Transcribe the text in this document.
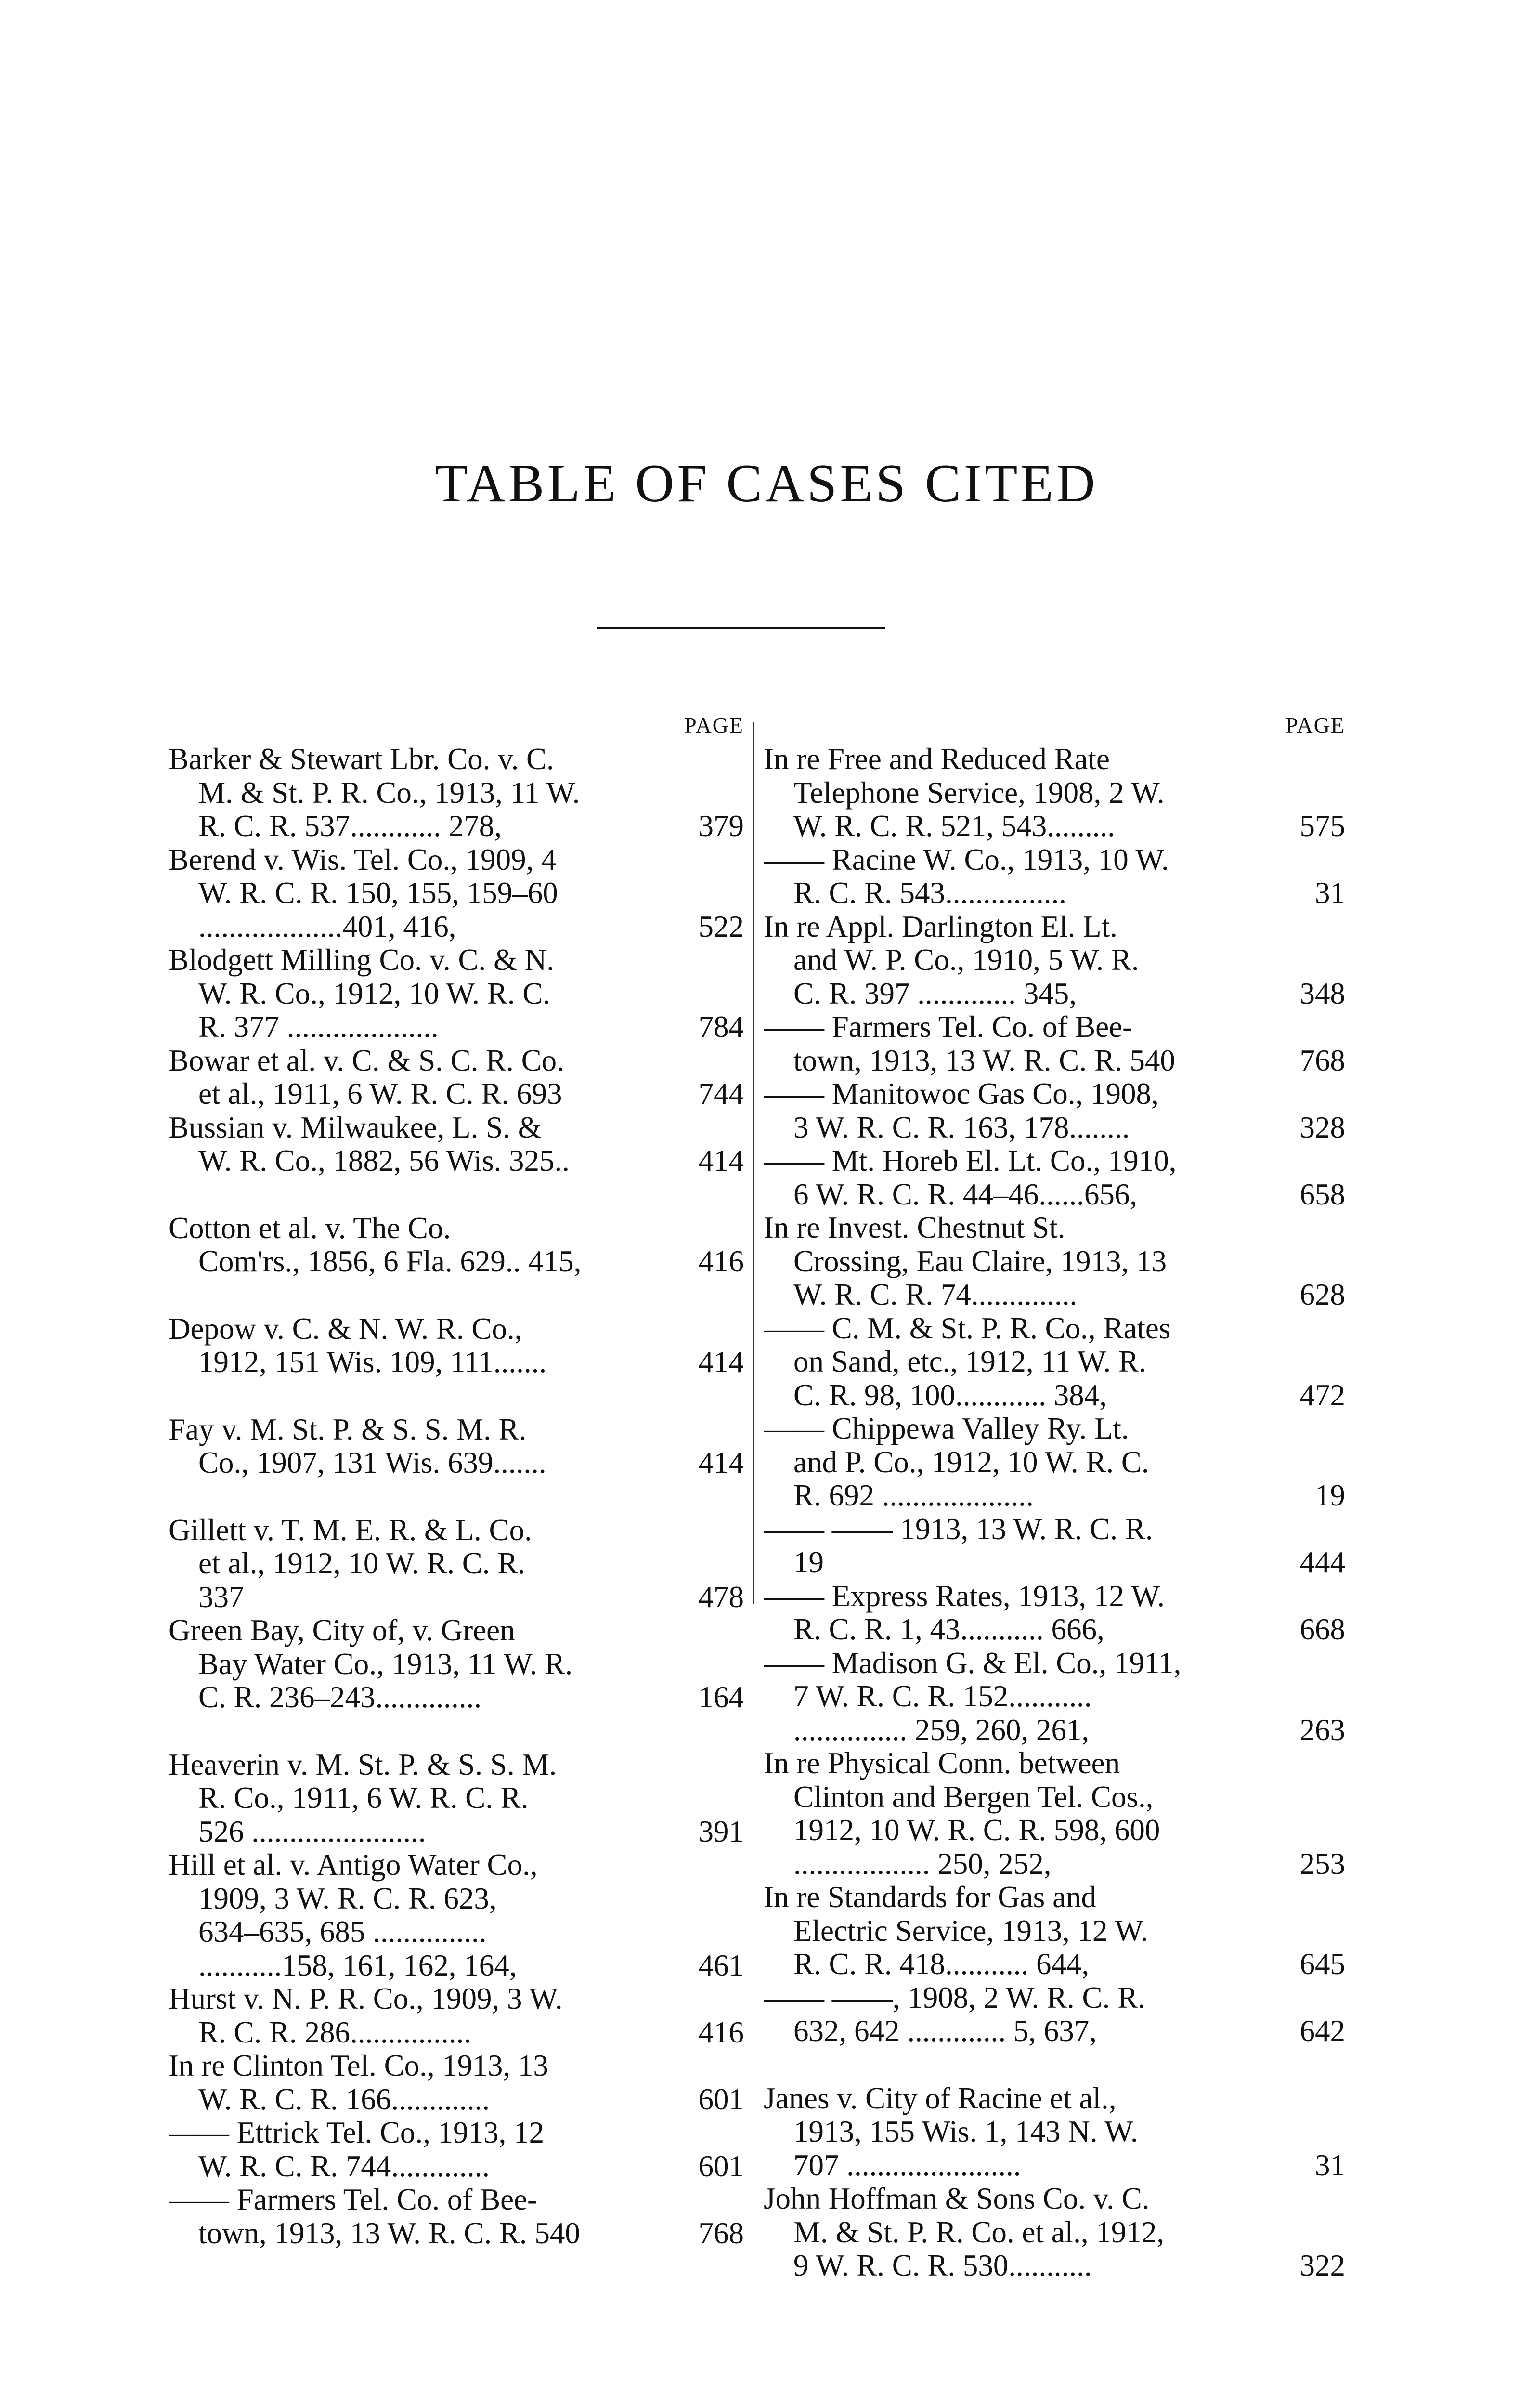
TABLE OF CASES CITED
PAGE
Barker & Stewart Lbr. Co. v. C.
M. & St. P. R. Co., 1913, 11 W.
R. C. R. 537............ 278,	379
Berend v. Wis. Tel. Co., 1909, 4
W. R. C. R. 150, 155, 159–60
...................401, 416,	522
Blodgett Milling Co. v. C. & N.
W. R. Co., 1912, 10 W. R. C.
R. 377 ....................	784
Bowar et al. v. C. & S. C. R. Co.
et al., 1911, 6 W. R. C. R. 693	744
Bussian v. Milwaukee, L. S. &
W. R. Co., 1882, 56 Wis. 325..	414
Cotton et al. v. The Co.
Com'rs., 1856, 6 Fla. 629.. 415,	416
Depow v. C. & N. W. R. Co.,
1912, 151 Wis. 109, 111.......	414
Fay v. M. St. P. & S. S. M. R.
Co., 1907, 131 Wis. 639.......	414
Gillett v. T. M. E. R. & L. Co.
et al., 1912, 10 W. R. C. R.
337	478
Green Bay, City of, v. Green
Bay Water Co., 1913, 11 W. R.
C. R. 236–243..............	164
Heaverin v. M. St. P. & S. S. M.
R. Co., 1911, 6 W. R. C. R.
526 .......................	391
Hill et al. v. Antigo Water Co.,
1909, 3 W. R. C. R. 623,
634–635, 685 ...............
...........158, 161, 162, 164,	461
Hurst v. N. P. R. Co., 1909, 3 W.
R. C. R. 286................	416
In re Clinton Tel. Co., 1913, 13
W. R. C. R. 166.............	601
—— Ettrick Tel. Co., 1913, 12
W. R. C. R. 744.............	601
—— Farmers Tel. Co. of Bee-
town, 1913, 13 W. R. C. R. 540	768
PAGE
In re Free and Reduced Rate
Telephone Service, 1908, 2 W.
W. R. C. R. 521, 543.........	575
—— Racine W. Co., 1913, 10 W.
R. C. R. 543................	31
In re Appl. Darlington El. Lt.
and W. P. Co., 1910, 5 W. R.
C. R. 397 ............. 345,	348
—— Farmers Tel. Co. of Bee-
town, 1913, 13 W. R. C. R. 540	768
—— Manitowoc Gas Co., 1908,
3 W. R. C. R. 163, 178........	328
—— Mt. Horeb El. Lt. Co., 1910,
6 W. R. C. R. 44–46......656,	658
In re Invest. Chestnut St.
Crossing, Eau Claire, 1913, 13
W. R. C. R. 74..............	628
—— C. M. & St. P. R. Co., Rates
on Sand, etc., 1912, 11 W. R.
C. R. 98, 100............ 384,	472
—— Chippewa Valley Ry. Lt.
and P. Co., 1912, 10 W. R. C.
R. 692 ....................	19
—— —— 1913, 13 W. R. C. R.
19	444
—— Express Rates, 1913, 12 W.
R. C. R. 1, 43........... 666,	668
—— Madison G. & El. Co., 1911,
7 W. R. C. R. 152...........
............... 259, 260, 261,	263
In re Physical Conn. between
Clinton and Bergen Tel. Cos.,
1912, 10 W. R. C. R. 598, 600
.................. 250, 252,	253
In re Standards for Gas and
Electric Service, 1913, 12 W.
R. C. R. 418........... 644,	645
—— ——, 1908, 2 W. R. C. R.
632, 642 ............. 5, 637,	642
Janes v. City of Racine et al.,
1913, 155 Wis. 1, 143 N. W.
707 .......................	31
John Hoffman & Sons Co. v. C.
M. & St. P. R. Co. et al., 1912,
9 W. R. C. R. 530...........	322
